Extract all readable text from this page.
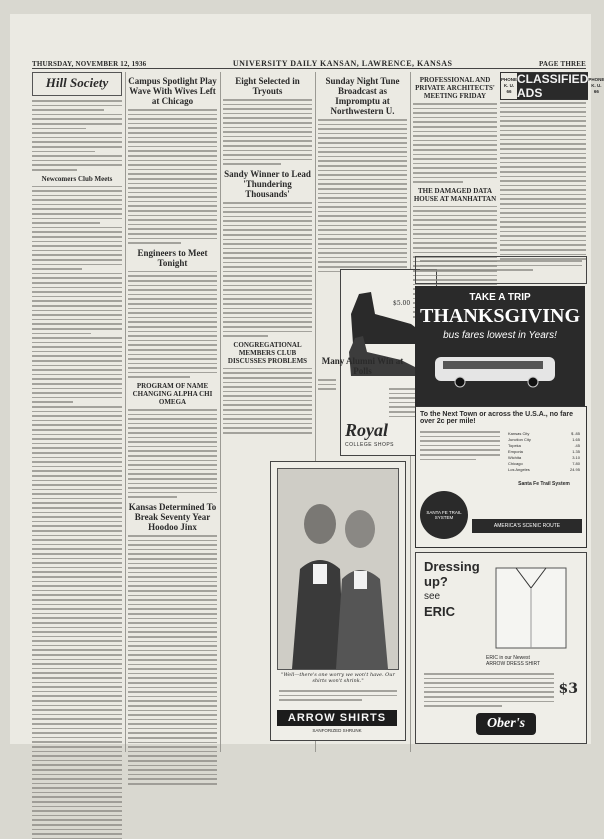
THURSDAY, NOVEMBER 12, 1936	UNIVERSITY DAILY KANSAN, LAWRENCE, KANSAS	PAGE THREE
Hill Society
Newcomers Club Meets
Campus Spotlight Play Wave With Wives Left at Chicago
Engineers to Meet Tonight
PROGRAM OF NAME CHANGING ALPHA CHI OMEGA
Kansas Determined To Break Seventy Year Hoodoo Jinx
Eight Selected in Tryouts
Sandy Winner to Lead 'Thundering Thousands'
CONGREGATIONAL MEMBERS CLUB DISCUSSES PROBLEMS
"Well—there's one worry we won't have. Our shirts won't shrink."
ARROW SHIRTS
SANFORIZED SHRUNK
Sunday Night Tune Broadcast as Impromptu at Northwestern U.
$5.00
Royal
COLLEGE SHOPS
Many Alumni Win at Polls
PROFESSIONAL AND PRIVATE ARCHITECTS' MEETING FRIDAY
THE DAMAGED DATA HOUSE AT MANHATTAN
PHONE K. U. 66
CLASSIFIED ADS
PHONE K. U. 66
TAKE A TRIP
THANKSGIVING
bus fares lowest in Years!
To the Next Town or across the U.S.A., no fare over 2c per mile!
Kansas City	$ .85
Junction City	1.65
Topeka	.45
Emporia	1.35
Wichita	3.10
Chicago	7.80
Los Angeles	24.95
Santa Fe Trail System
SANTA FE TRAIL SYSTEM
AMERICA'S SCENIC ROUTE
Dressing
up?
see
ERIC
ERIC in our Newest
ARROW DRESS SHIRT
$3
Ober's
